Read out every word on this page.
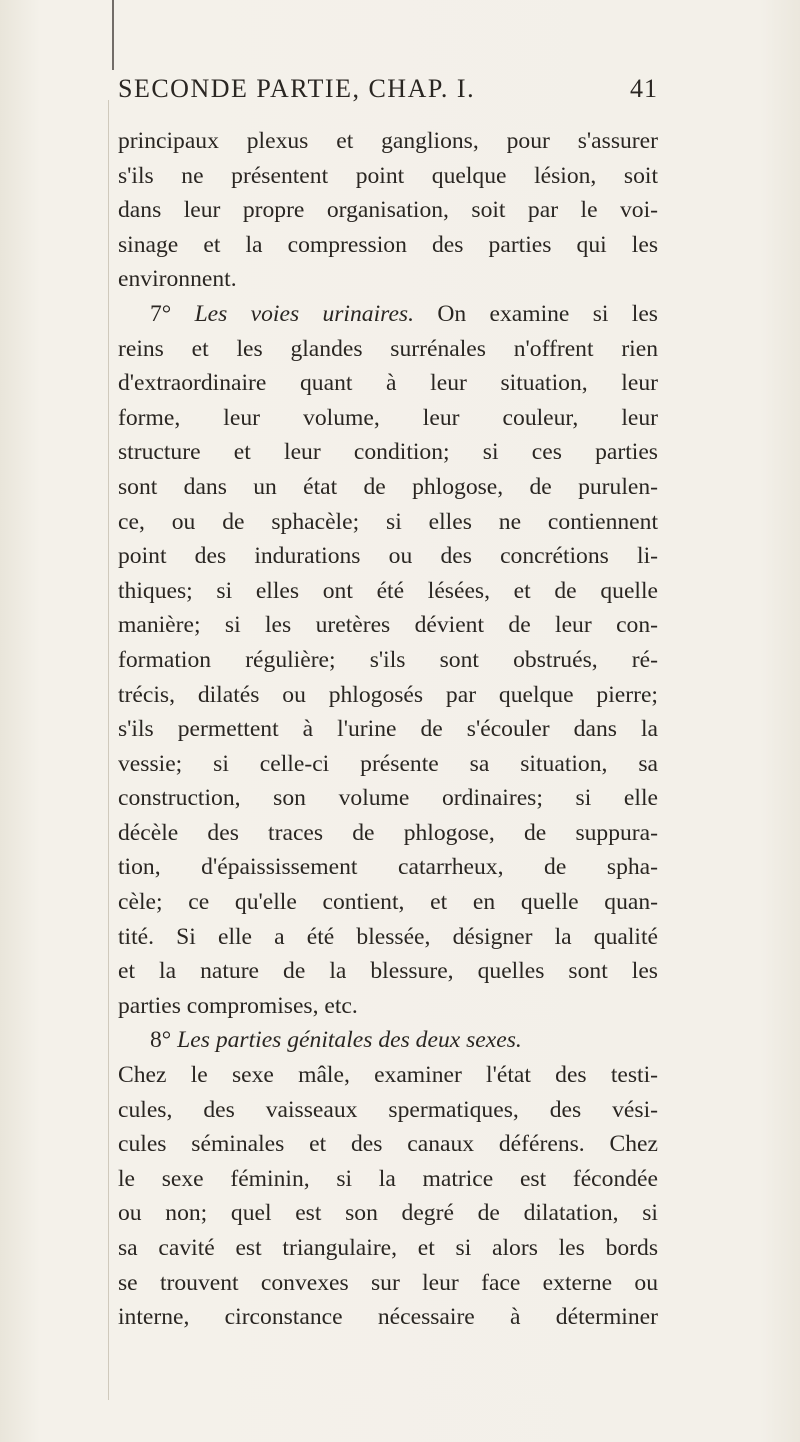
SECONDE PARTIE, CHAP. I.	41
principaux plexus et ganglions, pour s'assurer
s'ils ne présentent point quelque lésion, soit
dans leur propre organisation, soit par le voi-
sinage et la compression des parties qui les
environnent.
7° Les voies urinaires. On examine si les
reins et les glandes surrénales n'offrent rien
d'extraordinaire quant à leur situation, leur
forme, leur volume, leur couleur, leur
structure et leur condition; si ces parties
sont dans un état de phlogose, de purulen-
ce, ou de sphacèle; si elles ne contiennent
point des indurations ou des concrétions li-
thiques; si elles ont été lésées, et de quelle
manière; si les uretères dévient de leur con-
formation régulière; s'ils sont obstrués, ré-
trécis, dilatés ou phlogosés par quelque pierre;
s'ils permettent à l'urine de s'écouler dans la
vessie; si celle-ci présente sa situation, sa
construction, son volume ordinaires; si elle
décèle des traces de phlogose, de suppura-
tion, d'épaississement catarrheux, de spha-
cèle; ce qu'elle contient, et en quelle quan-
tité. Si elle a été blessée, désigner la qualité
et la nature de la blessure, quelles sont les
parties compromises, etc.
8° Les parties génitales des deux sexes.
Chez le sexe mâle, examiner l'état des testi-
cules, des vaisseaux spermatiques, des vési-
cules séminales et des canaux déférens. Chez
le sexe féminin, si la matrice est fécondée
ou non; quel est son degré de dilatation, si
sa cavité est triangulaire, et si alors les bords
se trouvent convexes sur leur face externe ou
interne, circonstance nécessaire à déterminer
